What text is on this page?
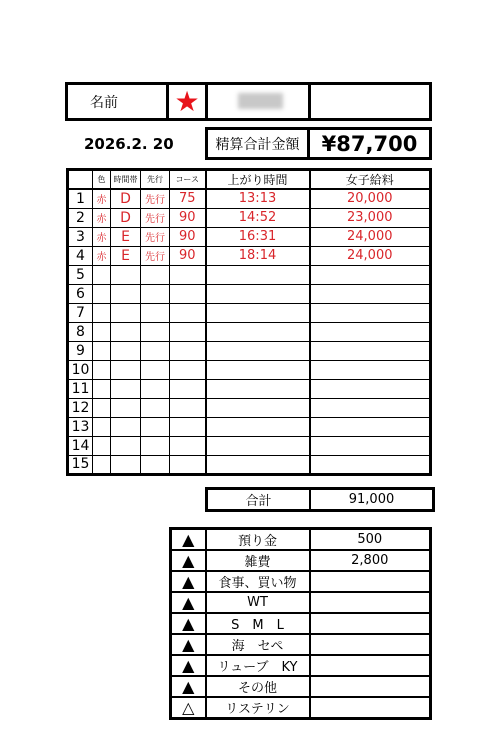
名前	★	

2026.2. 20	精算合計金額	¥87,700
	色	時間帯	先行	コース	上がり時間	女子給料
1	赤	D	先行	75	13:13	20,000
2	赤	D	先行	90	14:52	23,000
3	赤	E	先行	90	16:31	24,000
4	赤	E	先行	90	18:14	24,000
5						
6						
7						
8						
9						
10						
11						
12						
13						
14						
15						
合計	91,000
▲	預り金	500
▲	雑費	2,800
▲	食事、買い物	
▲	WT	
▲	S　M　L	
▲	海　セペ	
▲	リューブ　KY	
▲	その他	
△	リステリン	
